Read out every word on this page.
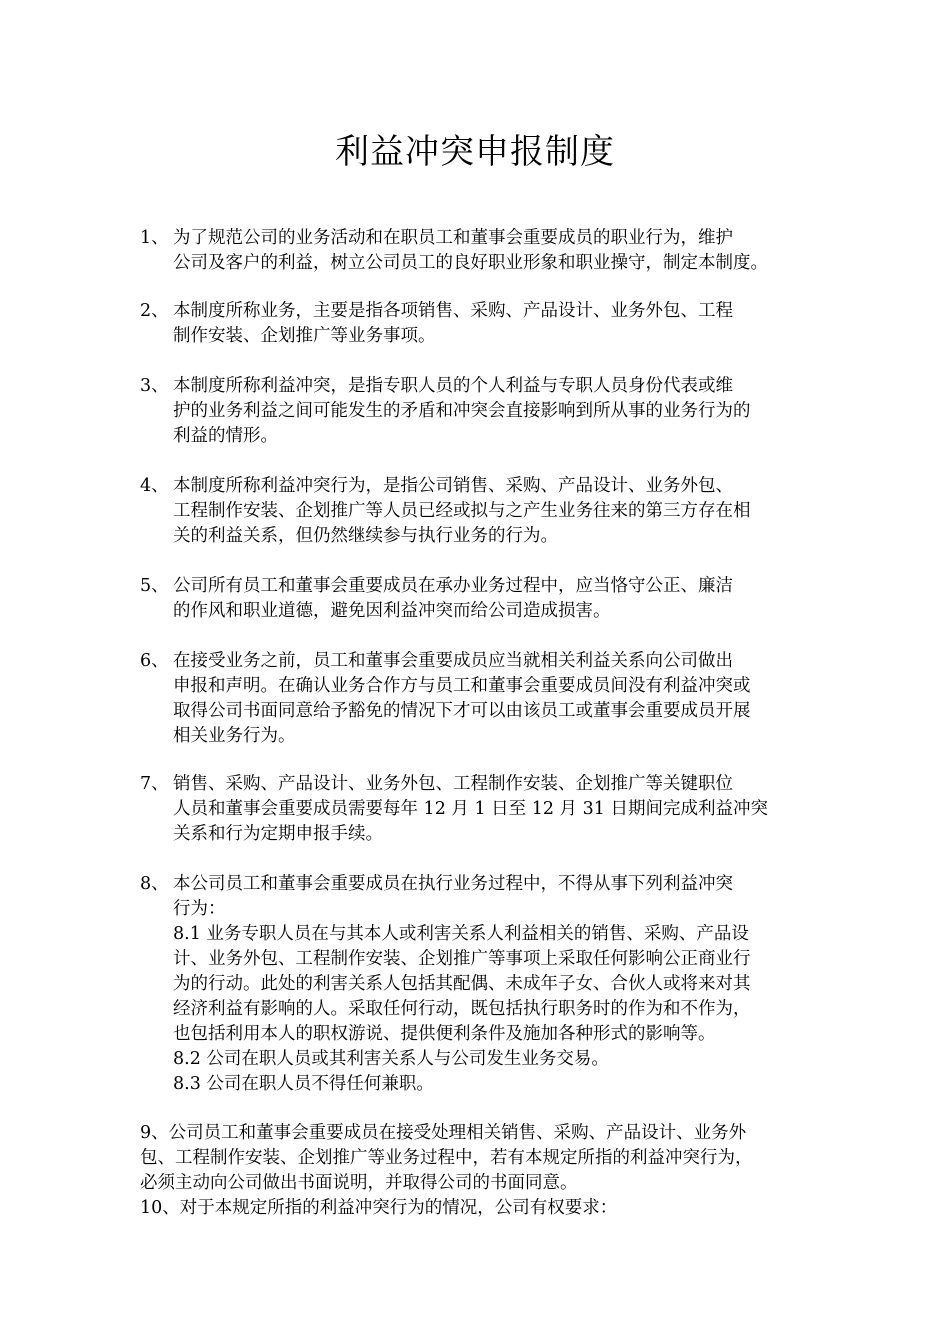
利益冲突申报制度
1、 为了规范公司的业务活动和在职员工和董事会重要成员的职业行为，维护
公司及客户的利益，树立公司员工的良好职业形象和职业操守，制定本制度。
2、 本制度所称业务，主要是指各项销售、采购、产品设计、业务外包、工程
制作安装、企划推广等业务事项。
3、 本制度所称利益冲突，是指专职人员的个人利益与专职人员身份代表或维
护的业务利益之间可能发生的矛盾和冲突会直接影响到所从事的业务行为的
利益的情形。
4、 本制度所称利益冲突行为，是指公司销售、采购、产品设计、业务外包、
工程制作安装、企划推广等人员已经或拟与之产生业务往来的第三方存在相
关的利益关系，但仍然继续参与执行业务的行为。
5、 公司所有员工和董事会重要成员在承办业务过程中，应当恪守公正、廉洁
的作风和职业道德，避免因利益冲突而给公司造成损害。
6、 在接受业务之前，员工和董事会重要成员应当就相关利益关系向公司做出
申报和声明。在确认业务合作方与员工和董事会重要成员间没有利益冲突或
取得公司书面同意给予豁免的情况下才可以由该员工或董事会重要成员开展
相关业务行为。
7、 销售、采购、产品设计、业务外包、工程制作安装、企划推广等关键职位
人员和董事会重要成员需要每年 12 月 1 日至 12 月 31 日期间完成利益冲突
关系和行为定期申报手续。
8、 本公司员工和董事会重要成员在执行业务过程中，不得从事下列利益冲突
行为：
8.1 业务专职人员在与其本人或利害关系人利益相关的销售、采购、产品设
计、业务外包、工程制作安装、企划推广等事项上采取任何影响公正商业行
为的行动。此处的利害关系人包括其配偶、未成年子女、合伙人或将来对其
经济利益有影响的人。采取任何行动，既包括执行职务时的作为和不作为，
也包括利用本人的职权游说、提供便利条件及施加各种形式的影响等。
8.2 公司在职人员或其利害关系人与公司发生业务交易。
8.3 公司在职人员不得任何兼职。
9、公司员工和董事会重要成员在接受处理相关销售、采购、产品设计、业务外
包、工程制作安装、企划推广等业务过程中，若有本规定所指的利益冲突行为，
必须主动向公司做出书面说明，并取得公司的书面同意。
10、对于本规定所指的利益冲突行为的情况，公司有权要求：
